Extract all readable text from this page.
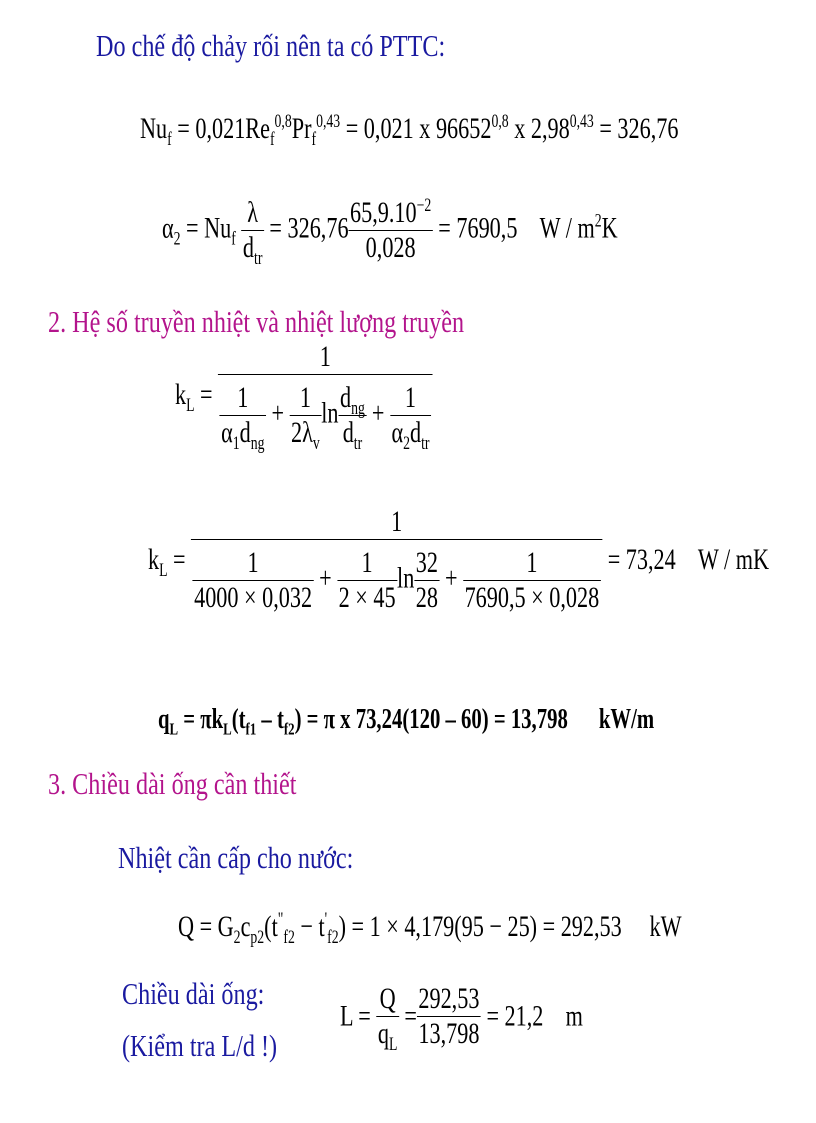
Do chế độ chảy rối nên ta có PTTC:
$Nu_f = 0,021Re_f^{0,8}Pr_f^{0,43} = 0,021$ x 96652$^{0,8}$ x $2,98^{0,43} = 326,76$
$\alpha_2 = Nu_f \frac{\lambda}{d_{tr}} = 326,76 \frac{65,9.10^{-2}}{0,028} = 7690,5$ W / $m^2K$
2. Hệ số truyền nhiệt và nhiệt lượng truyền
$k_L = \frac{1}{\frac{1}{\alpha_1d_{ng}} + \frac{1}{2\lambda_v} \ln \frac{d_{ng}}{d_{tr}} + \frac{1}{\alpha_2d_{tr}}}$
$k_L = \frac{1}{\frac{1}{4000 \times 0,032} + \frac{1}{2 \times 45} \ln \frac{32}{28} + \frac{1}{7690,5 \times 0,028}} = 73,24$ W / mK
$q_L = \pi k_L(t_{f1} - t_{f2}) = \pi$ x 73,24(120 – 60) = 13,798 kW/m
3. Chiều dài ống cần thiết
Nhiệt cần cấp cho nước:
$Q = G_2c_{p2}(t^"_{f2} - t'_{f2}) = 1 \times 4,179(95 - 25) = 292,53$ kW
Chiều dài ống:
(Kiểm tra L/d !)
$L = \frac{Q}{q_L} = \frac{292,53}{13,798} = 21,2$ m
